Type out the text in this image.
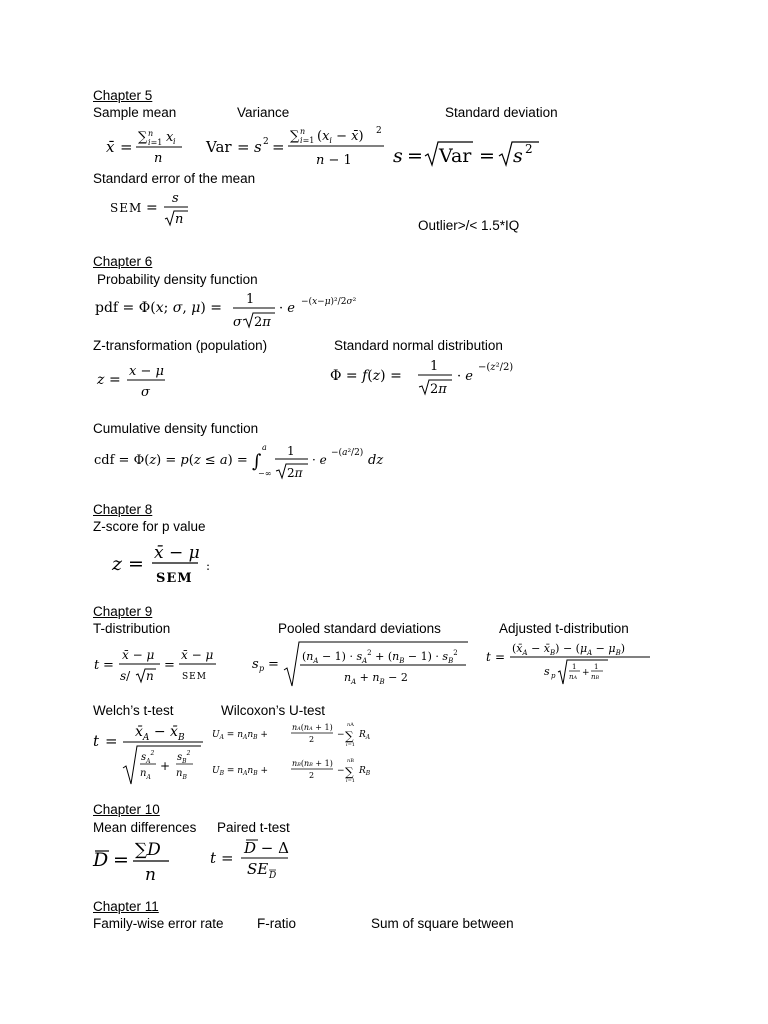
Chapter 5
Sample mean	Variance	Standard deviation
x̄ =
∑ n
i=1 x i
n
Var = s 2 =
∑ n
i=1 ($x_i$ − x̄) 2
n − 1 s = Var = s 2
Standard error of the mean
SEM =
s
n	Outlier>/< 1.5*IQ
Chapter 6
Probability density function
pdf = Φ(x; σ, μ) =
1
σ 2π
· e −(x−μ)²/2σ²
Z-transformation (population)	Standard normal distribution
z =
x − μ
σ
Φ = f(z) =
1
2π
· e
−(z²/2)
Cumulative density function
cdf = Φ(z) = p(z ≤ a) = ∫
a
−∞
1
2π
· e −(a²/2) dz
Chapter 8
Z-score for p value
z = x̄ − μ
SEM
:
Chapter 9
T-distribution	Pooled standard deviations	Adjusted t-distribution
t =
x̄ − μ
s/ n
=
x̄ − μ
SEM
s p =
$(n_A - 1) \cdot s_A^2 + (n_B - 1) \cdot s_B^2$
$n_A + n_B - 2$
t =
($x̄_A$ − $x̄_B) - (\mu_A - \mu_B)$
s p
1
nA +
1
nB
Welch’s t-test	Wilcoxon’s U-test
$t = x̄_A$ − $x̄_B$
$s_A^2$
$n_A$
+
$s_B^2$
$n_B$
$U_A = n_An_B$ +
nA(nA + 1)
2	− ∑
nA
i=1
$R_A$
$U_B = n_An_B$ +
nB(nB + 1)
2	− ∑
nB
i=1
$R_B$
Chapter 10
Mean differences Paired t-test
D = ∑D
n
t =
D − Δ
SE D
Chapter 11
Family-wise error rate F-ratio	Sum of square between
